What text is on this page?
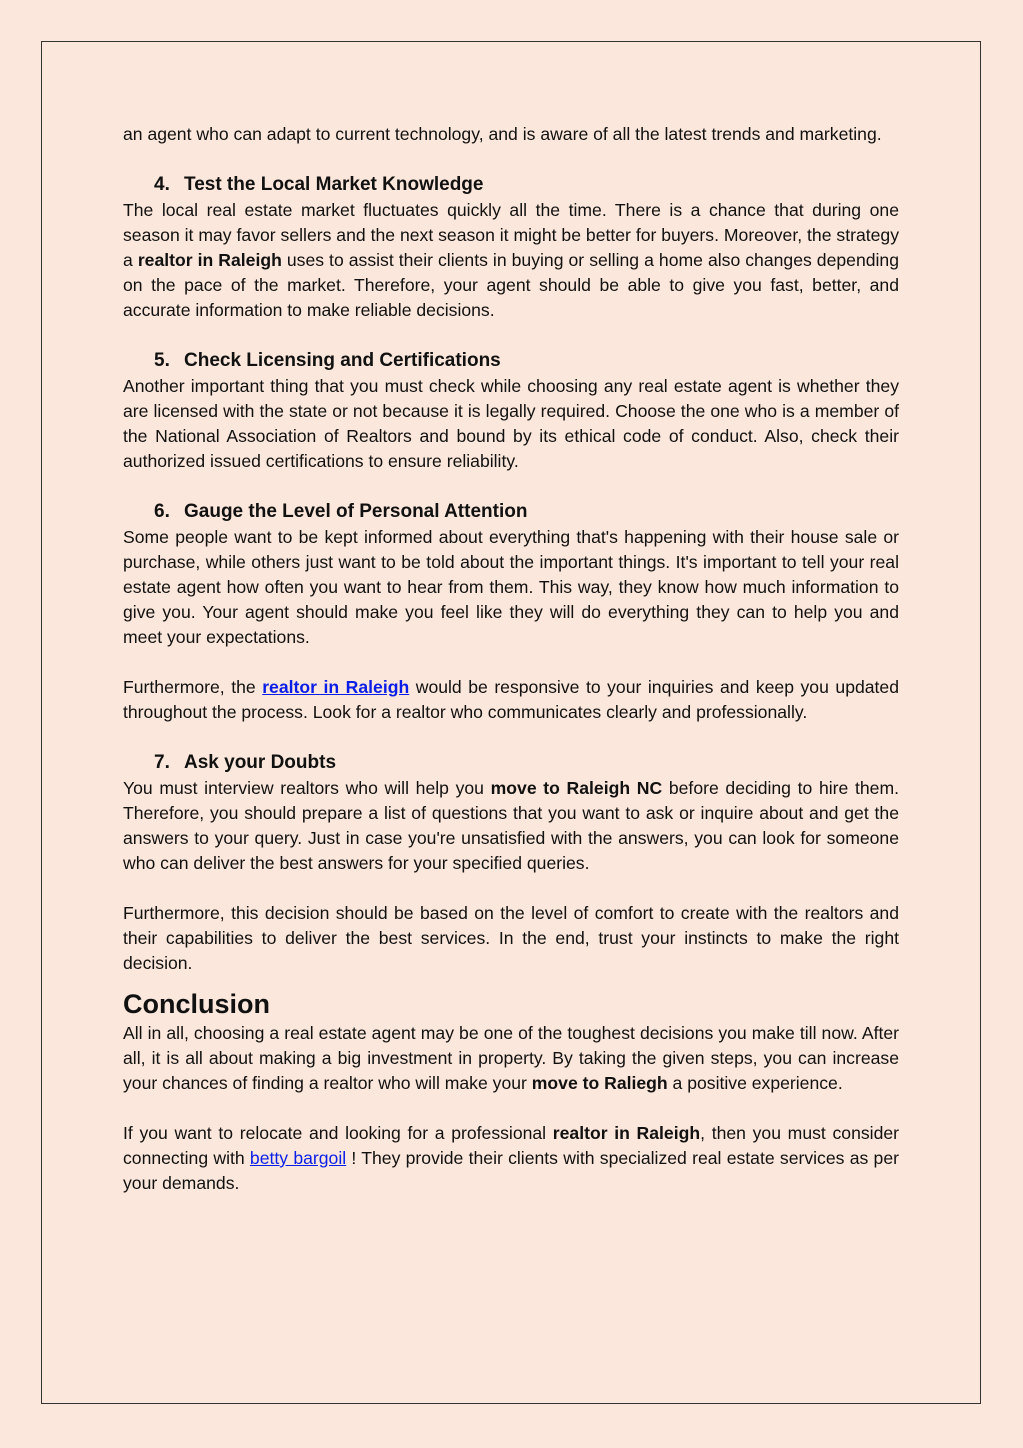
an agent who can adapt to current technology, and is aware of all the latest trends and marketing.

4. Test the Local Market Knowledge

The local real estate market fluctuates quickly all the time. There is a chance that during one season it may favor sellers and the next season it might be better for buyers. Moreover, the strategy a realtor in Raleigh uses to assist their clients in buying or selling a home also changes depending on the pace of the market. Therefore, your agent should be able to give you fast, better, and accurate information to make reliable decisions.

5. Check Licensing and Certifications

Another important thing that you must check while choosing any real estate agent is whether they are licensed with the state or not because it is legally required. Choose the one who is a member of the National Association of Realtors and bound by its ethical code of conduct. Also, check their authorized issued certifications to ensure reliability.

6. Gauge the Level of Personal Attention

Some people want to be kept informed about everything that's happening with their house sale or purchase, while others just want to be told about the important things. It's important to tell your real estate agent how often you want to hear from them. This way, they know how much information to give you. Your agent should make you feel like they will do everything they can to help you and meet your expectations.

Furthermore, the realtor in Raleigh would be responsive to your inquiries and keep you updated throughout the process. Look for a realtor who communicates clearly and professionally.

7. Ask your Doubts

You must interview realtors who will help you move to Raleigh NC before deciding to hire them. Therefore, you should prepare a list of questions that you want to ask or inquire about and get the answers to your query. Just in case you're unsatisfied with the answers, you can look for someone who can deliver the best answers for your specified queries.

Furthermore, this decision should be based on the level of comfort to create with the realtors and their capabilities to deliver the best services. In the end, trust your instincts to make the right decision.

Conclusion

All in all, choosing a real estate agent may be one of the toughest decisions you make till now. After all, it is all about making a big investment in property. By taking the given steps, you can increase your chances of finding a realtor who will make your move to Raliegh a positive experience.

If you want to relocate and looking for a professional realtor in Raleigh, then you must consider connecting with betty bargoil ! They provide their clients with specialized real estate services as per your demands.
